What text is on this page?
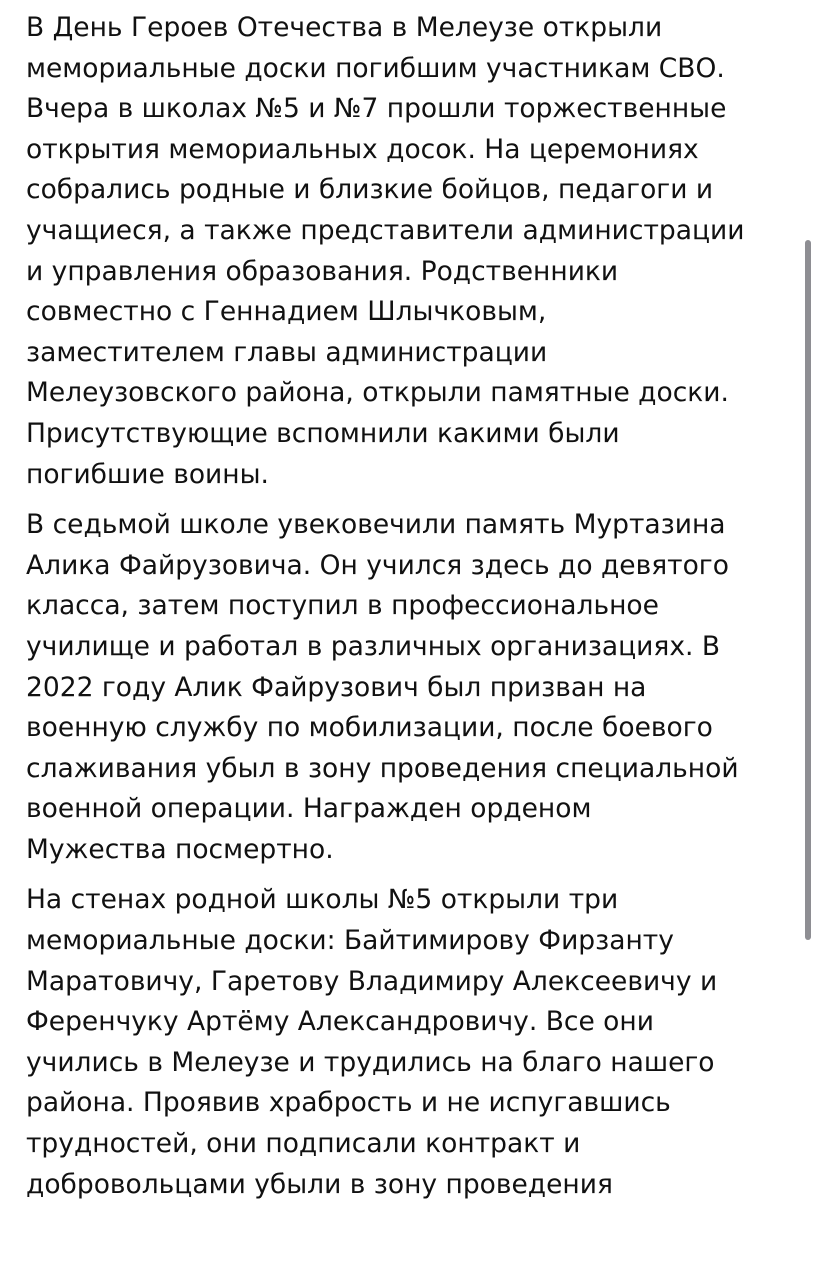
В День Героев Отечества в Мелеузе открыли
мемориальные доски погибшим участникам СВО.
Вчера в школах №5 и №7 прошли торжественные
открытия мемориальных досок. На церемониях
собрались родные и близкие бойцов, педагоги и
учащиеся, а также представители администрации
и управления образования. Родственники
совместно с Геннадием Шлычковым,
заместителем главы администрации
Мелеузовского района, открыли памятные доски.
Присутствующие вспомнили какими были
погибшие воины.
В седьмой школе увековечили память Муртазина
Алика Файрузовича. Он учился здесь до девятого
класса, затем поступил в профессиональное
училище и работал в различных организациях. В
2022 году Алик Файрузович был призван на
военную службу по мобилизации, после боевого
слаживания убыл в зону проведения специальной
военной операции. Награжден орденом
Мужества посмертно.
На стенах родной школы №5 открыли три
мемориальные доски: Байтимирову Фирзанту
Маратовичу, Гаретову Владимиру Алексеевичу и
Ференчуку Артёму Александровичу. Все они
учились в Мелеузе и трудились на благо нашего
района. Проявив храбрость и не испугавшись
трудностей, они подписали контракт и
добровольцами убыли в зону проведения
